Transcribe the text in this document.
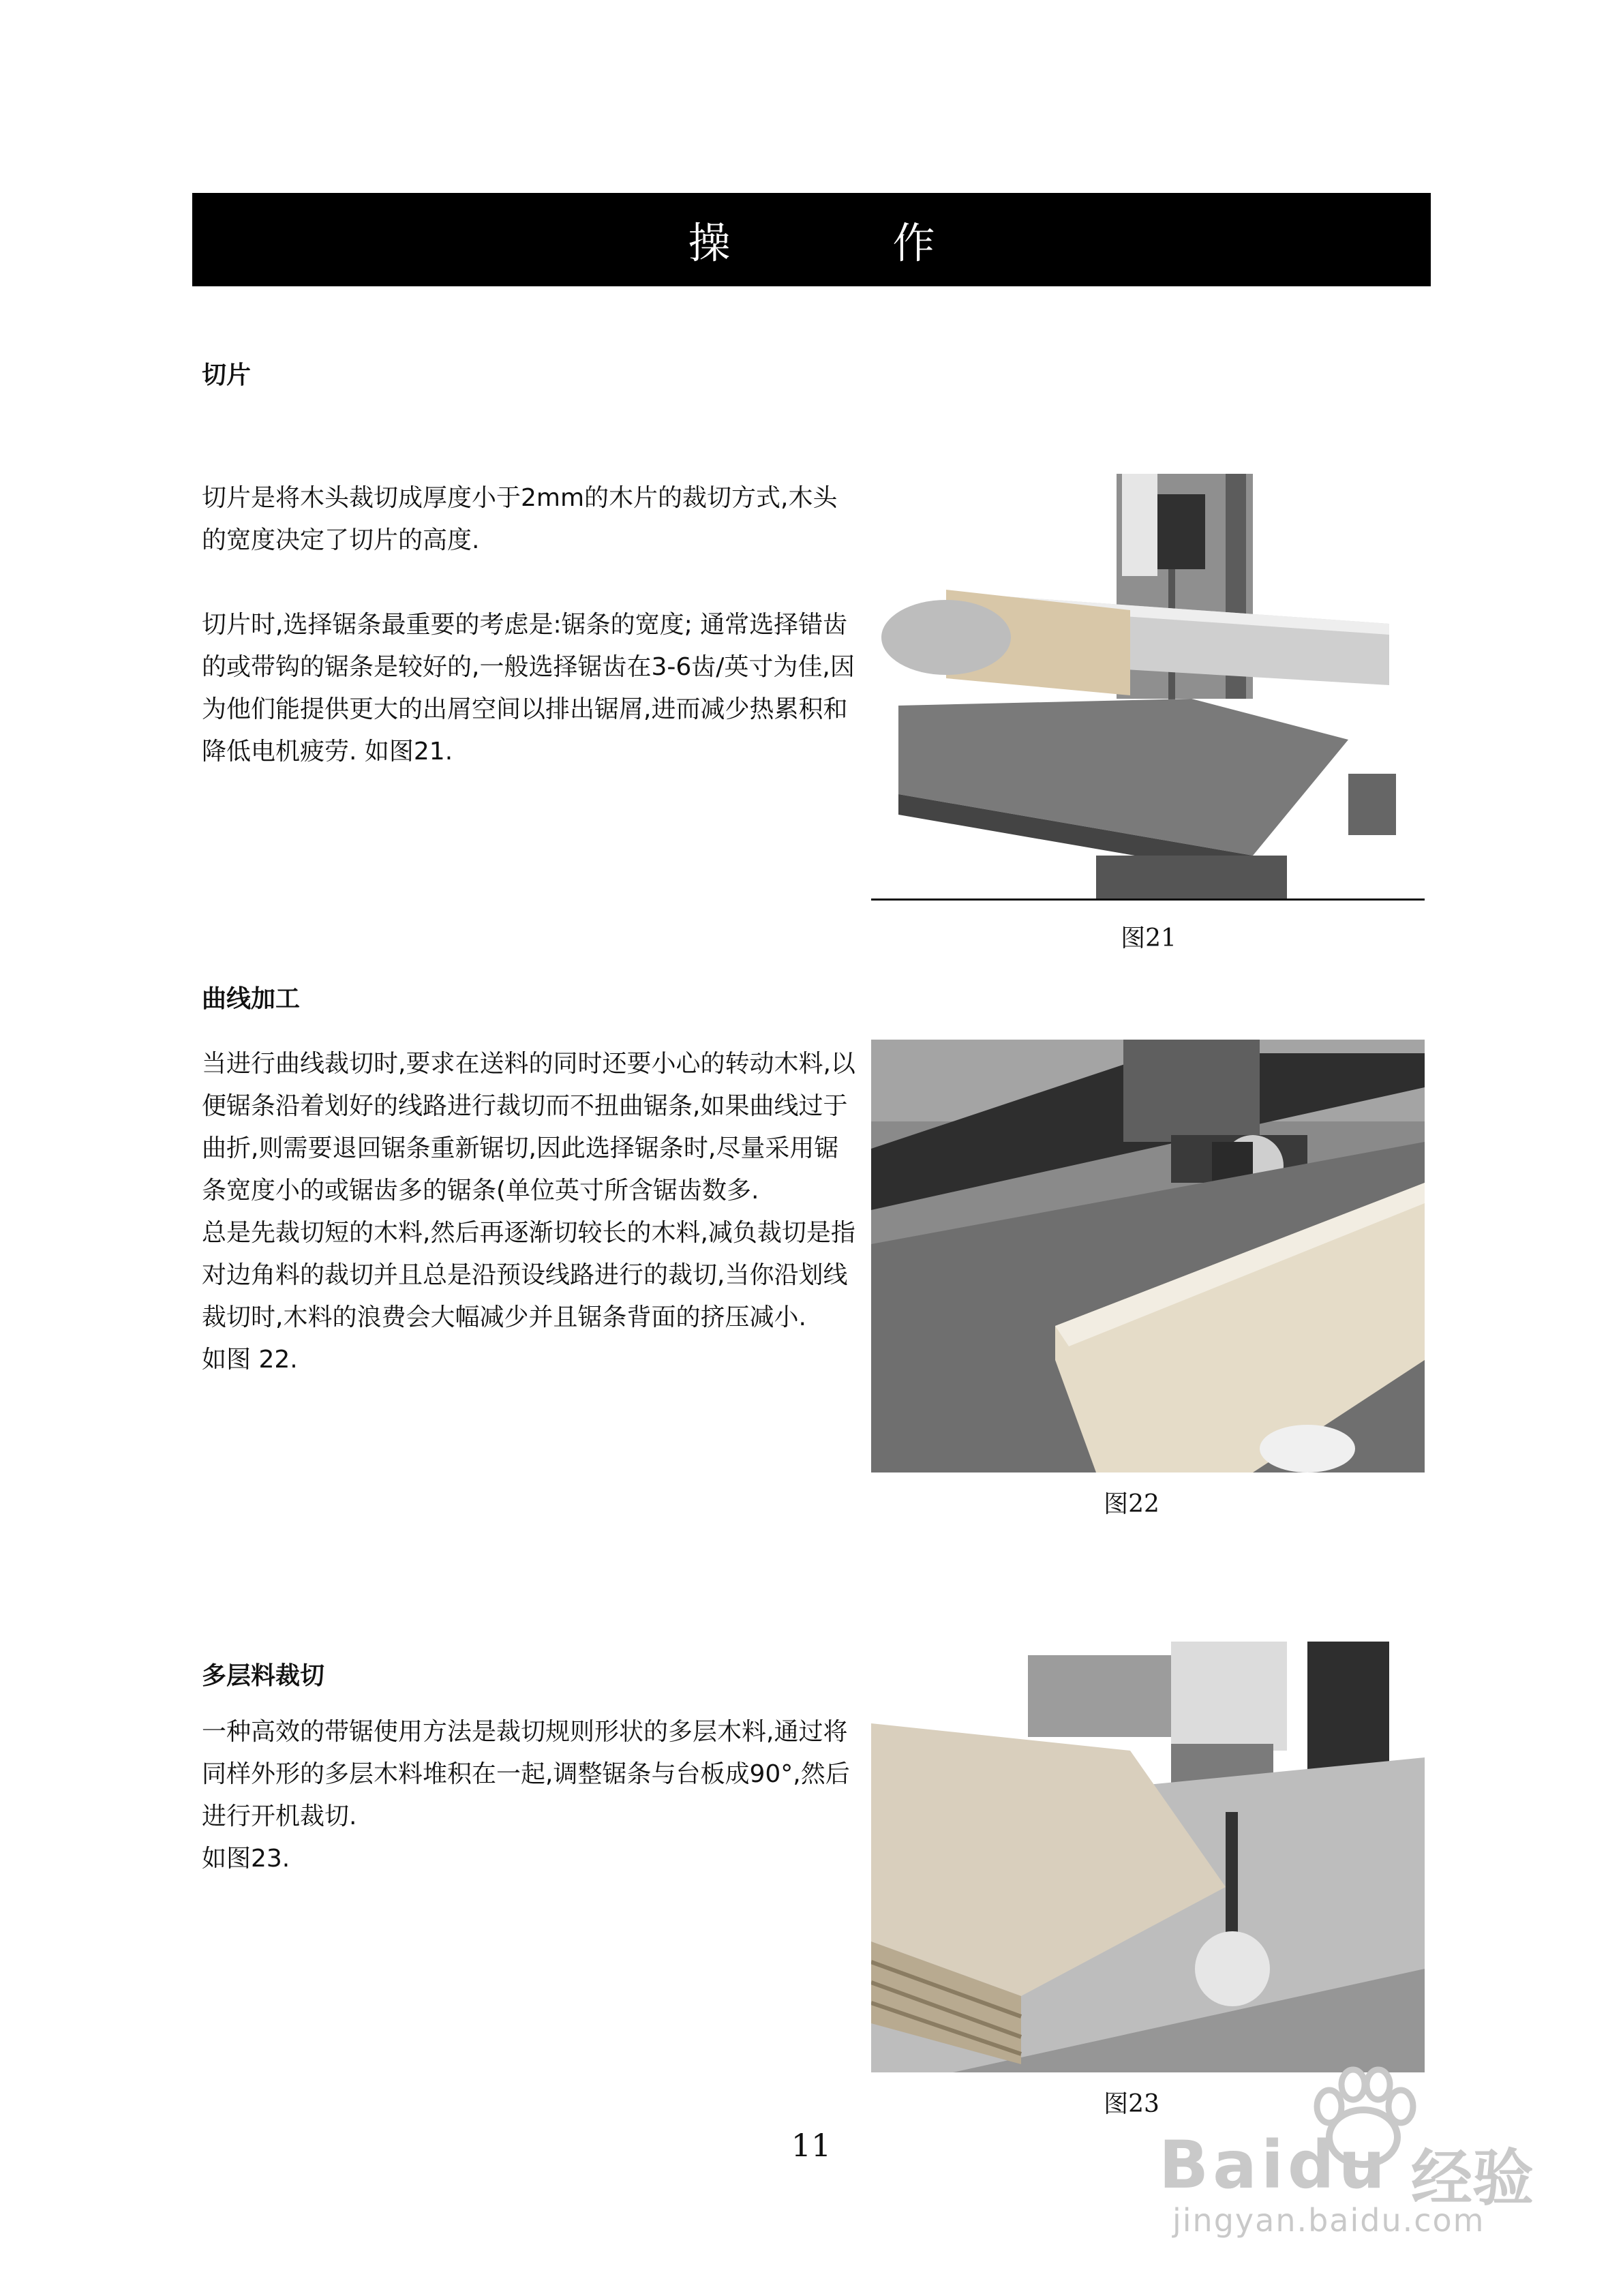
操　作
切片

切片是将木头裁切成厚度小于2mm的木片的裁切方式,木头的宽度决定了切片的高度.

切片时,选择锯条最重要的考虑是:锯条的宽度; 通常选择错齿的或带钩的锯条是较好的,一般选择锯齿在3-6齿/英寸为佳,因为他们能提供更大的出屑空间以排出锯屑,进而减少热累积和 降低电机疲劳. 如图21.

图21
曲线加工

当进行曲线裁切时,要求在送料的同时还要小心的转动木料,以便锯条沿着划好的线路进行裁切而不扭曲锯条,如果曲线过于曲折,则需要退回锯条重新锯切,因此选择锯条时,尽量采用锯条宽度小的或锯齿多的锯条(单位英寸所含锯齿数多.

总是先裁切短的木料,然后再逐渐切较长的木料,减负裁切是指对边角料的裁切并且总是沿预设线路进行的裁切,当你沿划线裁切时,木料的浪费会大幅减少并且锯条背面的挤压减小.

如图 22.

图22
多层料裁切

一种高效的带锯使用方法是裁切规则形状的多层木料,通过将同样外形的多层木料堆积在一起,调整锯条与台板成90°,然后进行开机裁切.

如图23.

图23
11	Baidu 经验
jingyan.baidu.com
